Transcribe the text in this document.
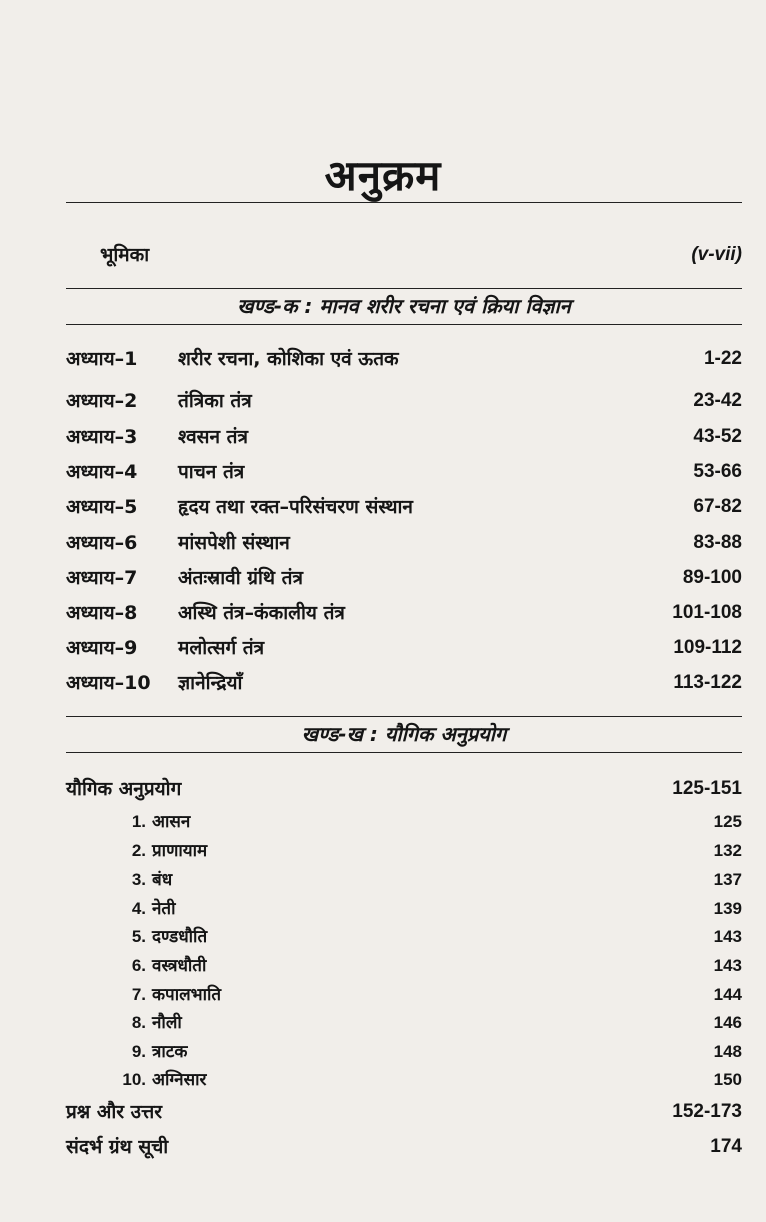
अनुक्रम
भूमिका	(v-vii)
खण्ड-क : मानव शरीर रचना एवं क्रिया विज्ञान
अध्याय–1 शरीर रचना, कोशिका एवं ऊतक	1-22
अध्याय–2 तंत्रिका तंत्र	23-42
अध्याय–3 श्वसन तंत्र	43-52
अध्याय–4 पाचन तंत्र	53-66
अध्याय–5 हृदय तथा रक्त–परिसंचरण संस्थान	67-82
अध्याय–6 मांसपेशी संस्थान	83-88
अध्याय–7 अंतःस्रावी ग्रंथि तंत्र	89-100
अध्याय–8 अस्थि तंत्र–कंकालीय तंत्र	101-108
अध्याय–9 मलोत्सर्ग तंत्र	109-112
अध्याय–10 ज्ञानेन्द्रियाँ	113-122
खण्ड-ख : यौगिक अनुप्रयोग
यौगिक अनुप्रयोग	125-151
1. आसन	125
2. प्राणायाम	132
3. बंध	137
4. नेती	139
5. दण्डधौति	143
6. वस्त्रधौती	143
7. कपालभाति	144
8. नौली	146
9. त्राटक	148
10. अग्निसार	150
प्रश्न और उत्तर	152-173
संदर्भ ग्रंथ सूची	174
